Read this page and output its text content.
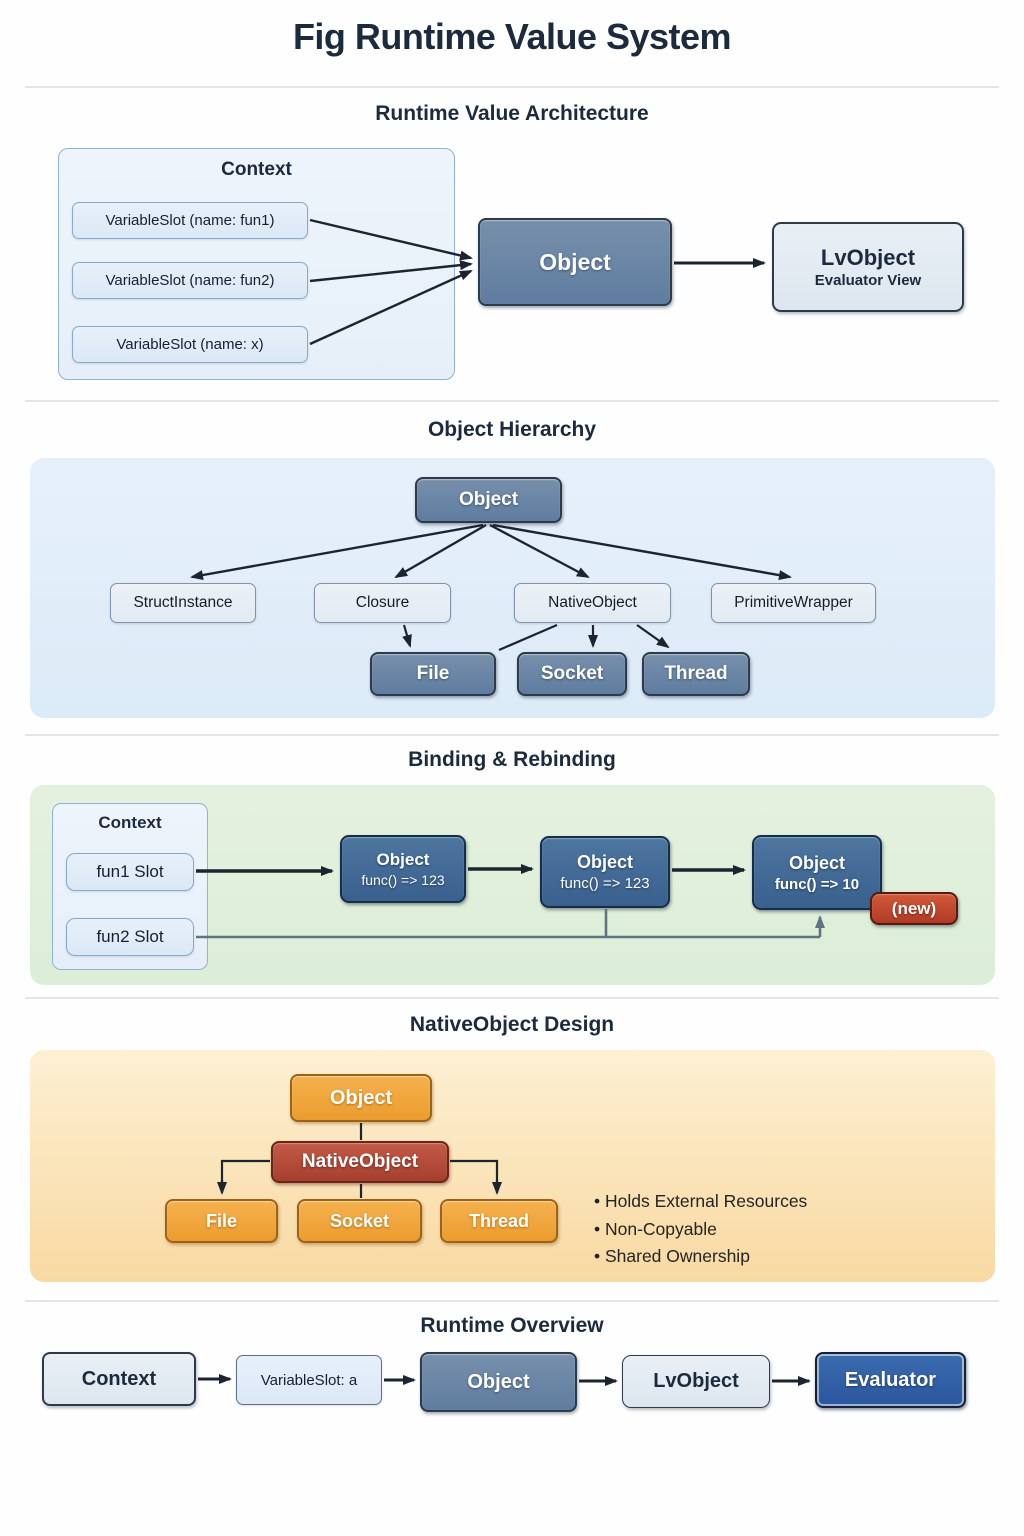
Fig Runtime Value System
Runtime Value Architecture
Context
VariableSlot (name: fun1)
VariableSlot (name: fun2)
VariableSlot (name: x)
Object	LvObject
Evaluator View
Object Hierarchy
Object
StructInstance	Closure	NativeObject	PrimitiveWrapper
File	Socket	Thread
Binding & Rebinding
Context
fun1 Slot
fun2 Slot
Object
func() => 123
Object
func() => 123
Object
func() => 10
(new)
NativeObject Design
Object
NativeObject
File	Socket	Thread
• Holds External Resources
• Non-Copyable
• Shared Ownership
Runtime Overview
Context	VariableSlot: a	Object	LvObject	Evaluator
